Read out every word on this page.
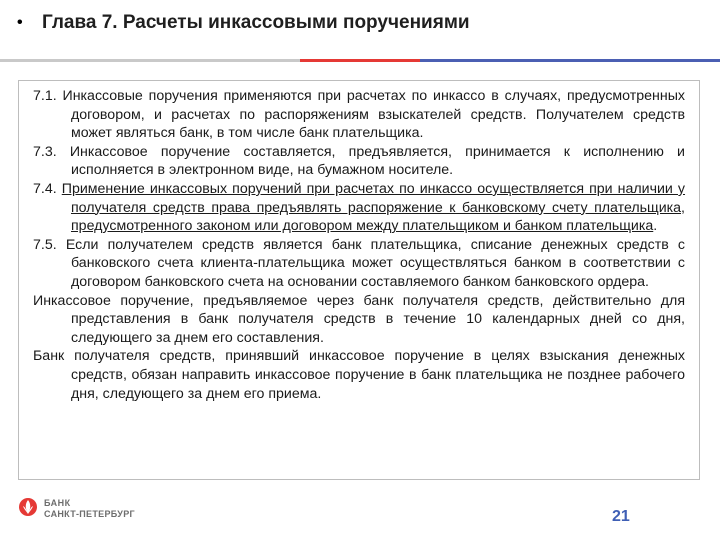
• Глава 7. Расчеты инкассовыми поручениями

7.1. Инкассовые поручения применяются при расчетах по инкассо в случаях, предусмотренных договором, и расчетах по распоряжениям взыскателей средств. Получателем средств может являться банк, в том числе банк плательщика.

7.3. Инкассовое поручение составляется, предъявляется, принимается к исполнению и исполняется в электронном виде, на бумажном носителе.

7.4. Применение инкассовых поручений при расчетах по инкассо осуществляется при наличии у получателя средств права предъявлять распоряжение к банковскому счету плательщика, предусмотренного законом или договором между плательщиком и банком плательщика.

7.5. Если получателем средств является банк плательщика, списание денежных средств с банковского счета клиента-плательщика может осуществляться банком в соответствии с договором банковского счета на основании составляемого банком банковского ордера.

Инкассовое поручение, предъявляемое через банк получателя средств, действительно для представления в банк получателя средств в течение 10 календарных дней со дня, следующего за днем его составления.

Банк получателя средств, принявший инкассовое поручение в целях взыскания денежных средств, обязан направить инкассовое поручение в банк плательщика не позднее рабочего дня, следующего за днем его приема.

БАНК
САНКТ-ПЕТЕРБУРГ	21
